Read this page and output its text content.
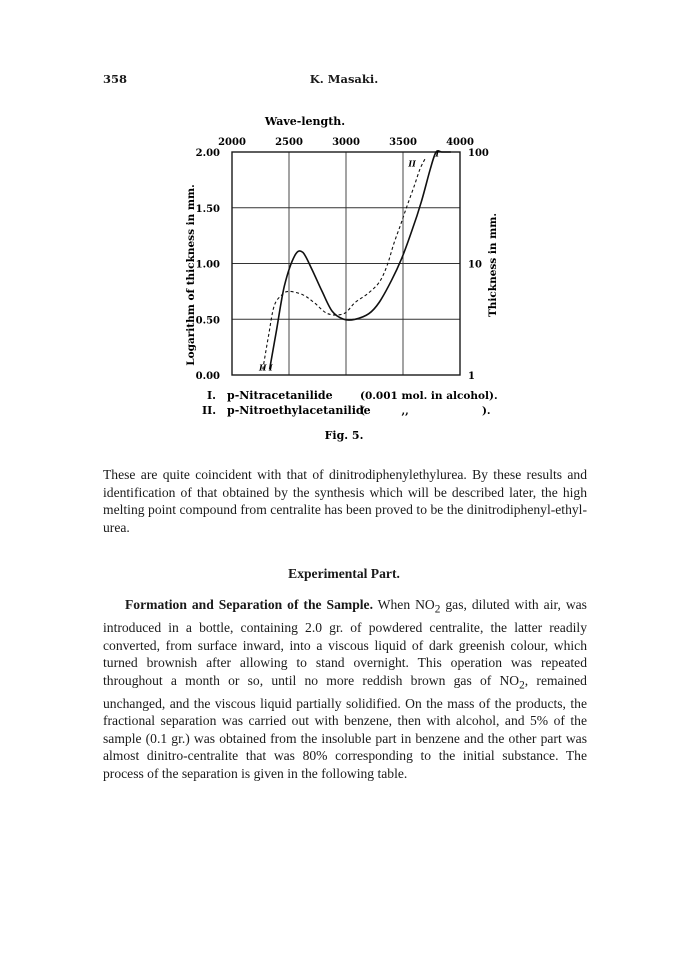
358	K. Masaki.
Wave-length.
2000	2500	3000	3500	4000
0.00
0.50
1.00
1.50
2.00
1
10
100
Logarithm of thickness in mm.	Thickness in mm.
II
I
II I
I. p-Nitracetanilide	(0.001 mol. in alcohol).
II. p-Nitroethylacetanilide
(          ,,                    ).
Fig. 5.
These are quite coincident with that of dinitrodiphenylethylurea. By these results and identification of that obtained by the synthesis which will be described later, the high melting point compound from centralite has been proved to be the dinitrodiphenyl-ethyl-urea.
Experimental Part.
Formation and Separation of the Sample. When $NO_2$ gas, diluted with air, was introduced in a bottle, containing 2.0 gr. of powdered centralite, the latter readily converted, from surface inward, into a viscous liquid of dark greenish colour, which turned brownish after allowing to stand overnight. This operation was repeated throughout a month or so, until no more reddish brown gas of $NO_2$, remained unchanged, and the viscous liquid partially solidified. On the mass of the products, the fractional separation was carried out with benzene, then with alcohol, and 5% of the sample (0.1 gr.) was obtained from the insoluble part in benzene and the other part was almost dinitro-centralite that was 80% corresponding to the initial substance. The process of the separation is given in the following table.
